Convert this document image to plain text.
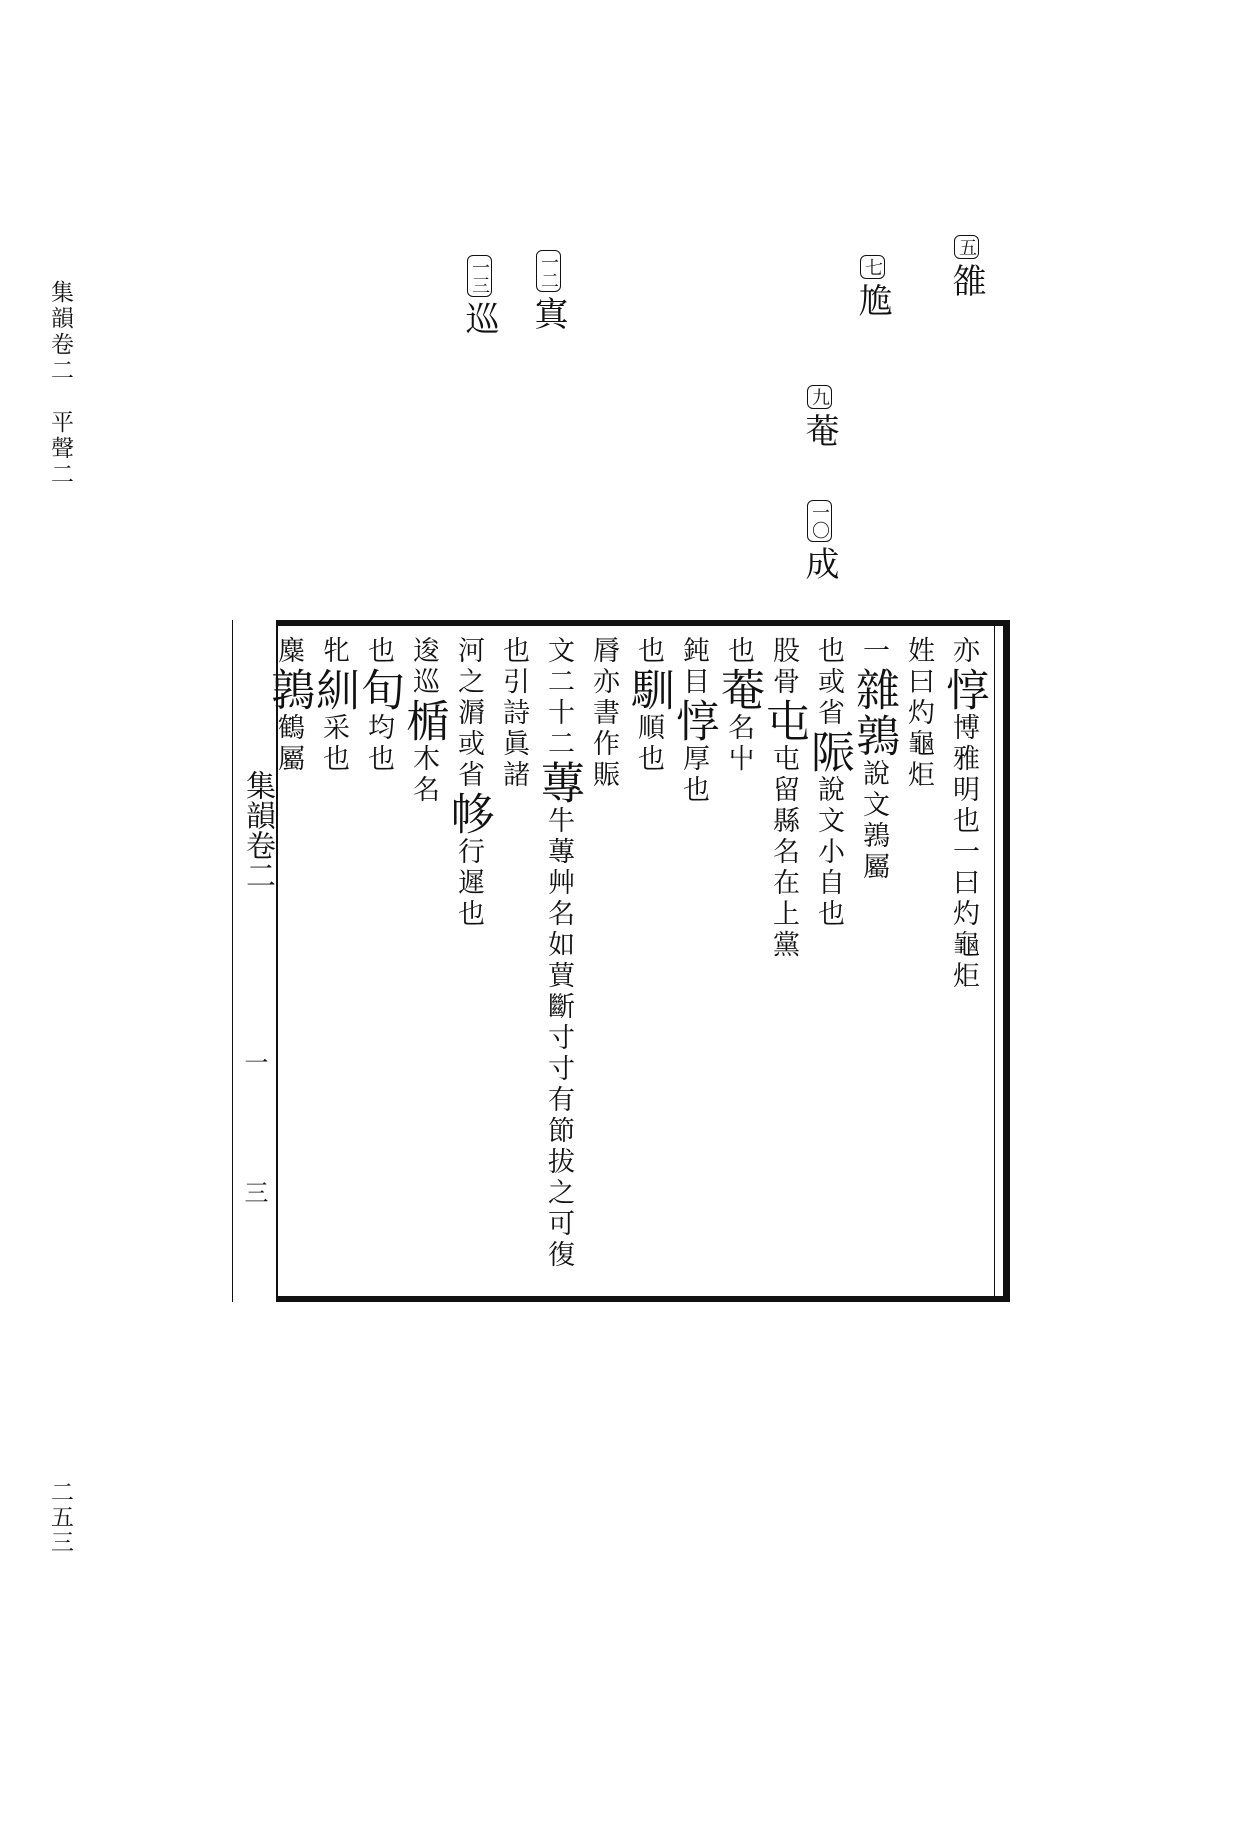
集韻卷二　平聲二
二五三
五雒
七尯
九菴
一〇成
一二寘
一三巡
集韻卷二
一
三
亦惇博雅明也一曰灼龜炬
姓曰灼龜炬
一雜鶉說文鶉屬
也或省陙說文小自也
股骨屯屯留縣名在上黨
也菴名屮
鈍目惇厚也
也馴順也
脣亦書作賑
文二十二蓴牛蓴艸名如蕒斷寸寸有節拔之可復
也引詩眞諸
河之漘或省㡅行遲也
逡巡楯木名
也旬均也
牝紃采也
麋鶉鶴屬
